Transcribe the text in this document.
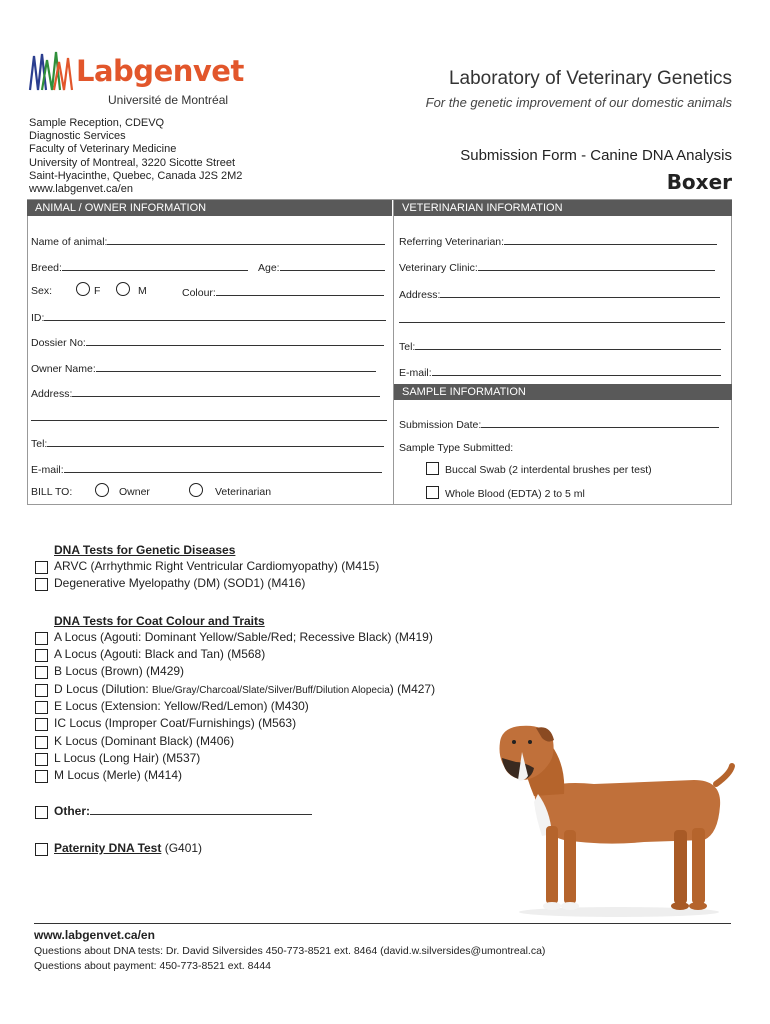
Labgenvet
Université de Montréal
Laboratory of Veterinary Genetics
For the genetic improvement of our domestic animals
Sample Reception, CDEVQ
Diagnostic Services
Faculty of Veterinary Medicine
University of Montreal, 3220 Sicotte Street
Saint-Hyacinthe, Quebec, Canada J2S 2M2
www.labgenvet.ca/en
Submission Form - Canine DNA Analysis
Boxer
ANIMAL / OWNER INFORMATION	VETERINARIAN INFORMATION
SAMPLE INFORMATION
Name of animal:
Breed:	Age:
Sex:	F	M	Colour:
ID:
Dossier No:
Owner Name:
Address:
Tel:
E-mail:
BILL TO:	Owner	Veterinarian
Referring Veterinarian:
Veterinary Clinic:
Address:
Tel:
E-mail:
Submission Date:
Sample Type Submitted:
Buccal Swab (2 interdental brushes per test)
Whole Blood (EDTA) 2 to 5 ml
DNA Tests for Genetic Diseases
ARVC (Arrhythmic Right Ventricular Cardiomyopathy) (M415)
Degenerative Myelopathy (DM) (SOD1) (M416)
DNA Tests for Coat Colour and Traits
A Locus (Agouti: Dominant Yellow/Sable/Red; Recessive Black) (M419)
A Locus (Agouti: Black and Tan) (M568)
B Locus (Brown) (M429)
D Locus (Dilution: Blue/Gray/Charcoal/Slate/Silver/Buff/Dilution Alopecia) (M427)
E Locus (Extension: Yellow/Red/Lemon) (M430)
IC Locus (Improper Coat/Furnishings) (M563)
K Locus (Dominant Black) (M406)
L Locus (Long Hair) (M537)
M Locus (Merle) (M414)
Other:
Paternity DNA Test (G401)
www.labgenvet.ca/en
Questions about DNA tests: Dr. David Silversides 450-773-8521 ext. 8464 (david.w.silversides@umontreal.ca)
Questions about payment: 450-773-8521 ext. 8444
